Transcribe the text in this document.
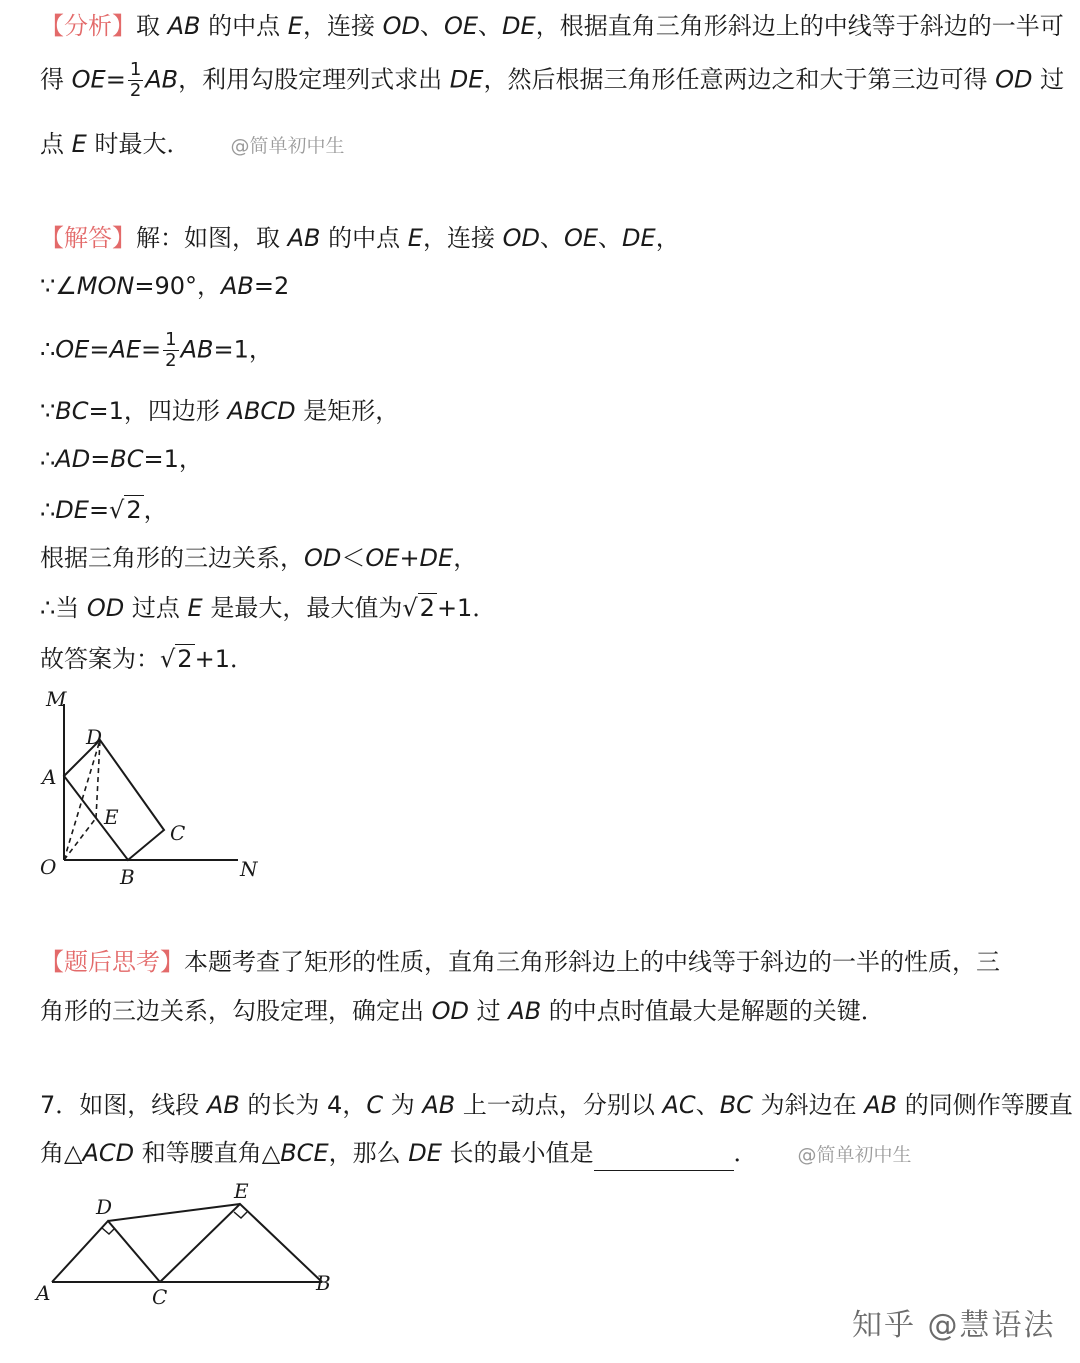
【分析】取 AB 的中点 E，连接 OD、OE、DE，根据直角三角形斜边上的中线等于斜边的一半可
得 $OE= \frac{1}{2}$ AB，利用勾股定理列式求出 DE，然后根据三角形任意两边之和大于第三边可得 OD 过
点 E 时最大． @简单初中生
【解答】解：如图，取 AB 的中点 E，连接 OD、OE、DE，
∵∠MON=90°，AB=2
∴OE=AE= $\frac{1}{2} AB=1$，
∵BC=1，四边形 ABCD 是矩形，
∴AD=BC=1，
∴DE=√2，
根据三角形的三边关系，OD＜OE+DE，
∴当 OD 过点 E 是最大，最大值为√2+1．
故答案为：√2+1．
M
D
A
E
C
O	B	N
【题后思考】本题考查了矩形的性质，直角三角形斜边上的中线等于斜边的一半的性质，三
角形的三边关系，勾股定理，确定出 OD 过 AB 的中点时值最大是解题的关键．
7．如图，线段 AB 的长为 4，C 为 AB 上一动点，分别以 AC、BC 为斜边在 AB 的同侧作等腰直
角△ACD 和等腰直角△BCE，那么 DE 长的最小值是	． @简单初中生
D
E
A	C
B
知乎 @慧语法
